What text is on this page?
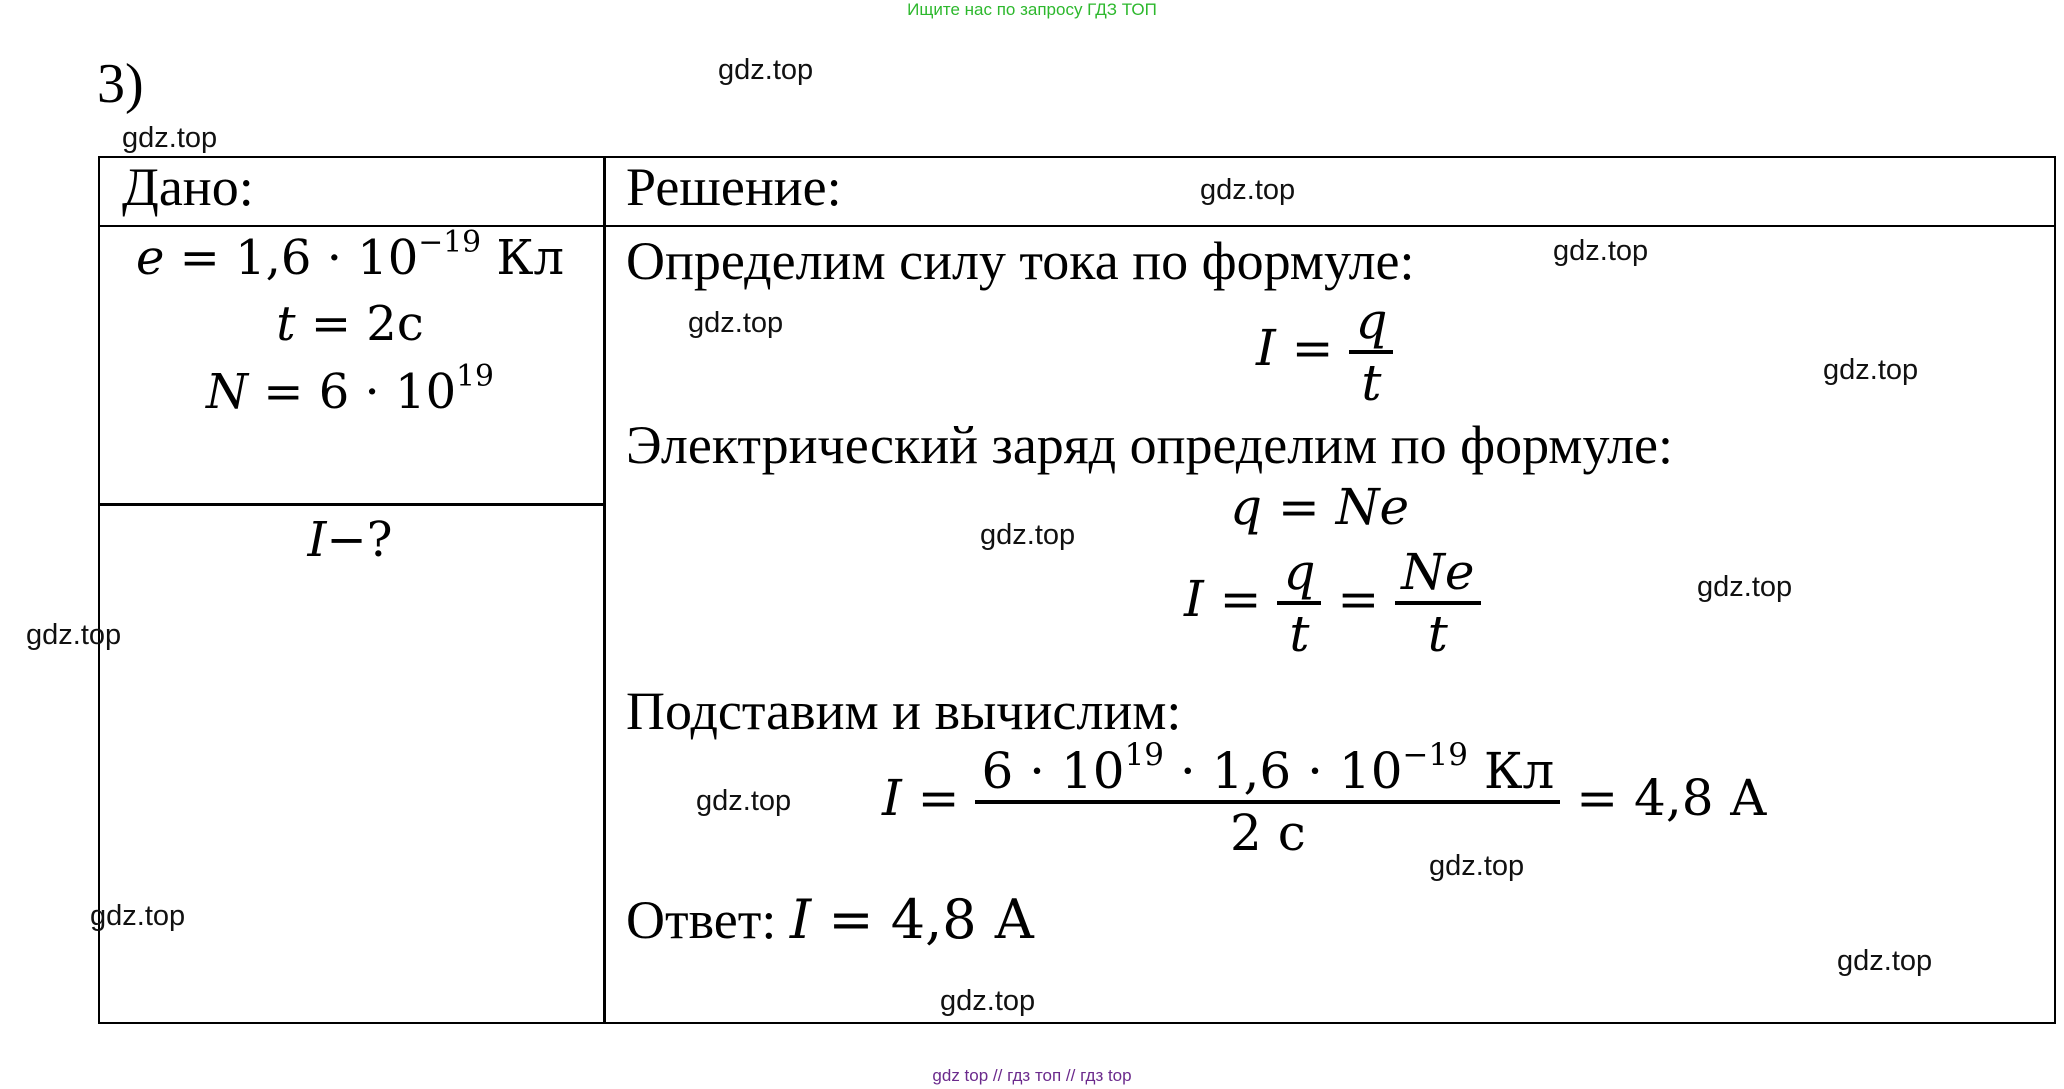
Ищите нас по запросу ГДЗ ТОП
3)
Дано:	Решение:
$e = 1,6 \cdot 10^{-19}$ Кл
t = 2с
$N = 6 \cdot 10^{19}$
I−?
Определим силу тока по формуле:
$I = \frac{q}{t}$
Электрический заряд определим по формуле:
q = Ne
$I = \frac{q}{t} = \frac{Ne}{t}$
Подставим и вычислим:
$I = \frac{6 \cdot 10^{19} \cdot 1,6 \cdot 10^{-19} Кл}{2 с} = 4,8$ А
Ответ: I = 4,8 А
gdz.top
gdz.top
gdz.top
gdz.top
gdz.top
gdz.top
gdz.top
gdz.top
gdz.top
gdz.top
gdz.top
gdz.top
gdz.top
gdz.top
gdz top // гдз топ // гдз top
